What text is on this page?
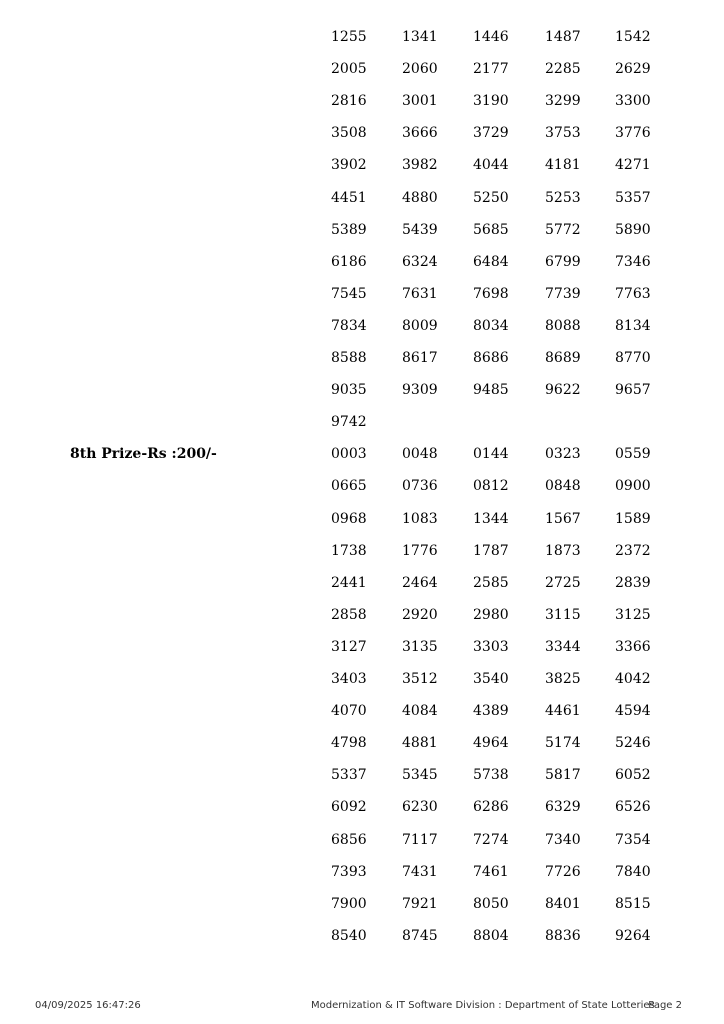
1255	1341	1446	1487 1542
2005	2060	2177	2285 2629
2816	3001	3190	3299 3300
3508	3666	3729	3753 3776
3902	3982	4044	4181 4271
4451	4880	5250	5253 5357
5389	5439	5685	5772 5890
6186	6324	6484	6799 7346
7545	7631	7698	7739 7763
7834	8009	8034	8088 8134
8588	8617	8686	8689 8770
9035	9309	9485	9622 9657
9742
8th Prize-Rs :200/-	0003	0048	0144	0323 0559
0665	0736	0812	0848 0900
0968	1083	1344	1567 1589
1738	1776	1787	1873 2372
2441	2464	2585	2725 2839
2858	2920	2980	3115 3125
3127	3135	3303	3344 3366
3403	3512	3540	3825 4042
4070	4084	4389	4461 4594
4798	4881	4964	5174 5246
5337	5345	5738	5817 6052
6092	6230	6286	6329 6526
6856	7117	7274	7340 7354
7393	7431	7461	7726 7840
7900	7921	8050	8401 8515
8540	8745	8804	8836 9264
04/09/2025 16:47:26	Modernization & IT Software Division : Department of State Lotteries
Page 2
